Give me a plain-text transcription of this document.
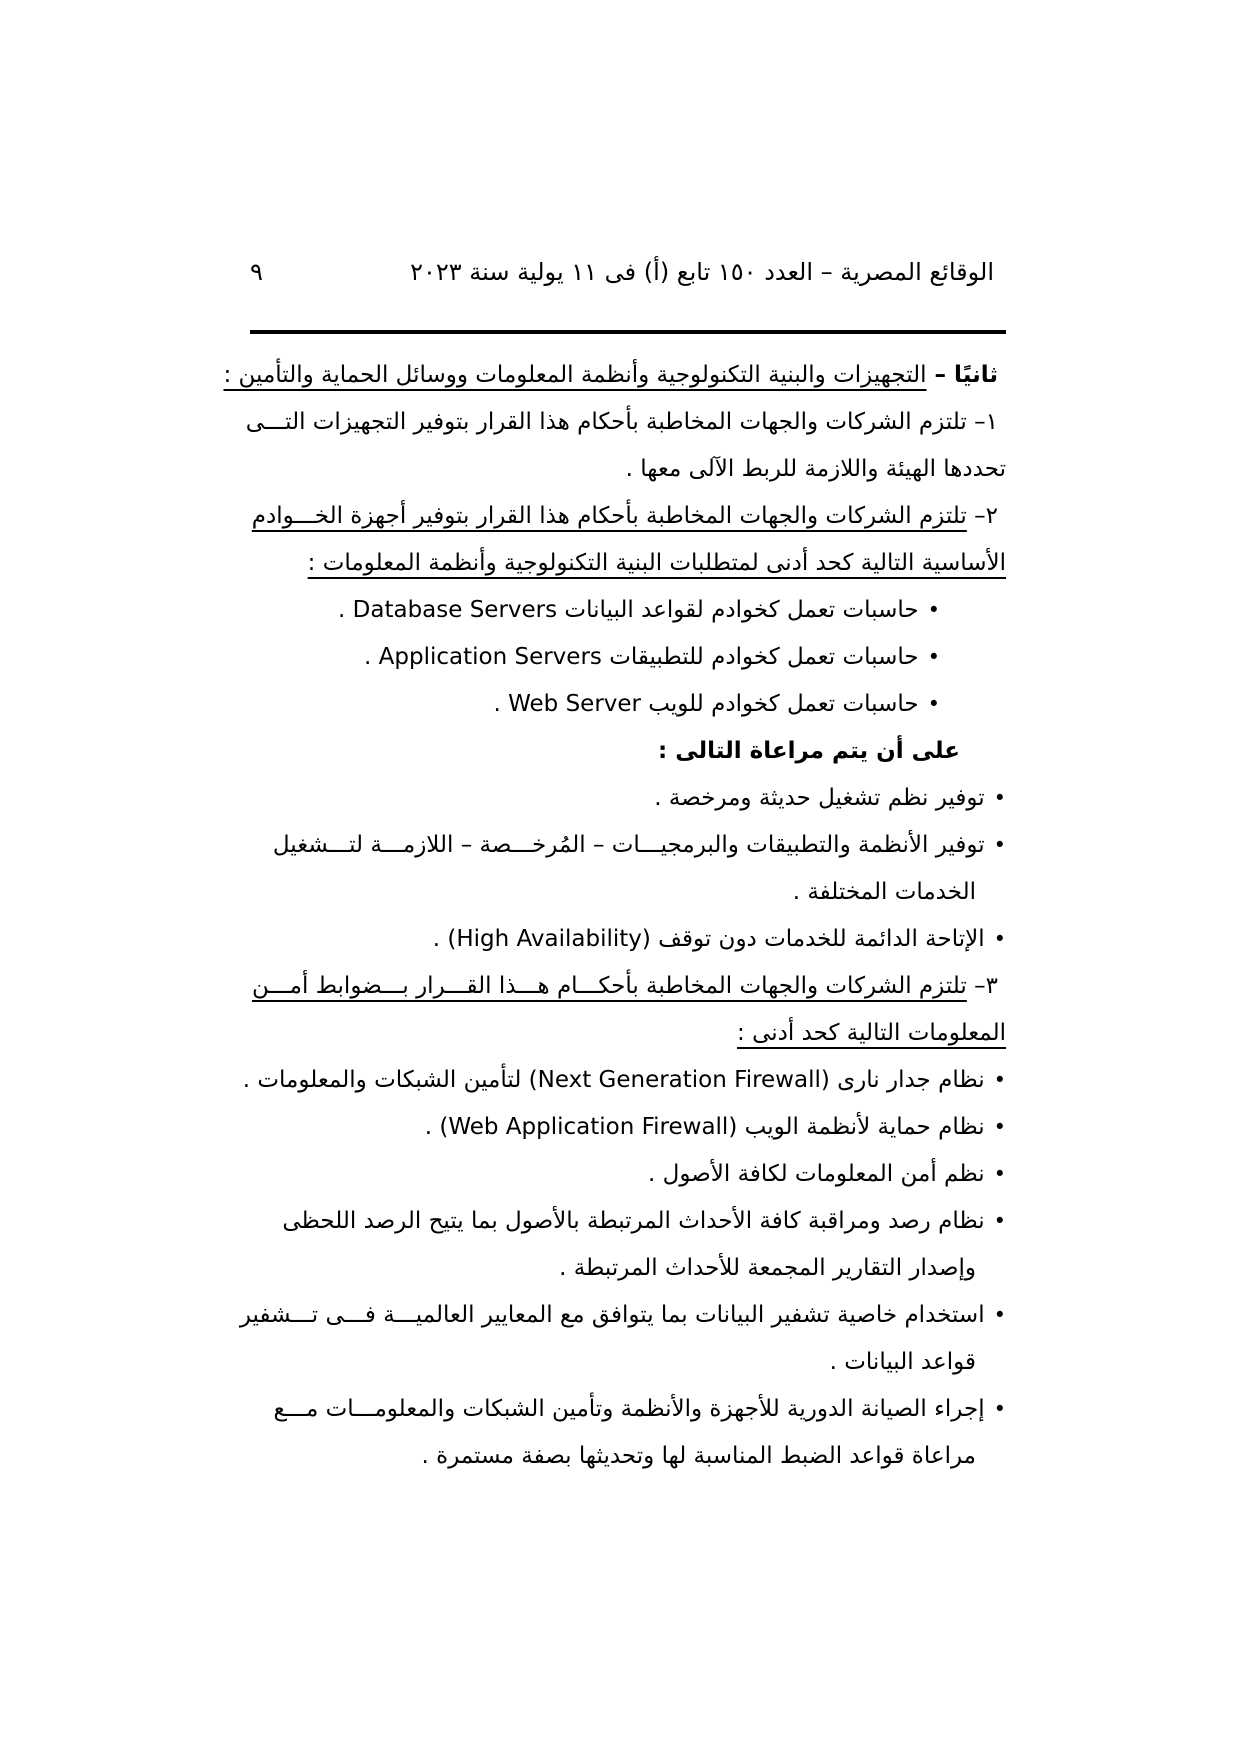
٩	الوقائع المصرية – العدد ١٥٠ تابع (أ) فى ١١ يولية سنة ٢٠٢٣
ثانيًا – التجهيزات والبنية التكنولوجية وأنظمة المعلومات ووسائل الحماية والتأمين :
١– تلتزم الشركات والجهات المخاطبة بأحكام هذا القرار بتوفير التجهيزات التـــى
تحددها الهيئة واللازمة للربط الآلى معها .
٢– تلتزم الشركات والجهات المخاطبة بأحكام هذا القرار بتوفير أجهزة الخـــوادم
الأساسية التالية كحد أدنى لمتطلبات البنية التكنولوجية وأنظمة المعلومات :
• حاسبات تعمل كخوادم لقواعد البيانات Database Servers .
• حاسبات تعمل كخوادم للتطبيقات Application Servers .
• حاسبات تعمل كخوادم للويب Web Server .
على أن يتم مراعاة التالى :
• توفير نظم تشغيل حديثة ومرخصة .
• توفير الأنظمة والتطبيقات والبرمجيـــات – المُرخـــصة – اللازمـــة لتـــشغيل
الخدمات المختلفة .
• الإتاحة الدائمة للخدمات دون توقف (High Availability) .
٣– تلتزم الشركات والجهات المخاطبة بأحكـــام هـــذا القـــرار بـــضوابط أمـــن
المعلومات التالية كحد أدنى :
• نظام جدار نارى (Next Generation Firewall) لتأمين الشبكات والمعلومات .
• نظام حماية لأنظمة الويب (Web Application Firewall) .
• نظم أمن المعلومات لكافة الأصول .
• نظام رصد ومراقبة كافة الأحداث المرتبطة بالأصول بما يتيح الرصد اللحظى
وإصدار التقارير المجمعة للأحداث المرتبطة .
• استخدام خاصية تشفير البيانات بما يتوافق مع المعايير العالميـــة فـــى تـــشفير
قواعد البيانات .
• إجراء الصيانة الدورية للأجهزة والأنظمة وتأمين الشبكات والمعلومـــات مـــع
مراعاة قواعد الضبط المناسبة لها وتحديثها بصفة مستمرة .
